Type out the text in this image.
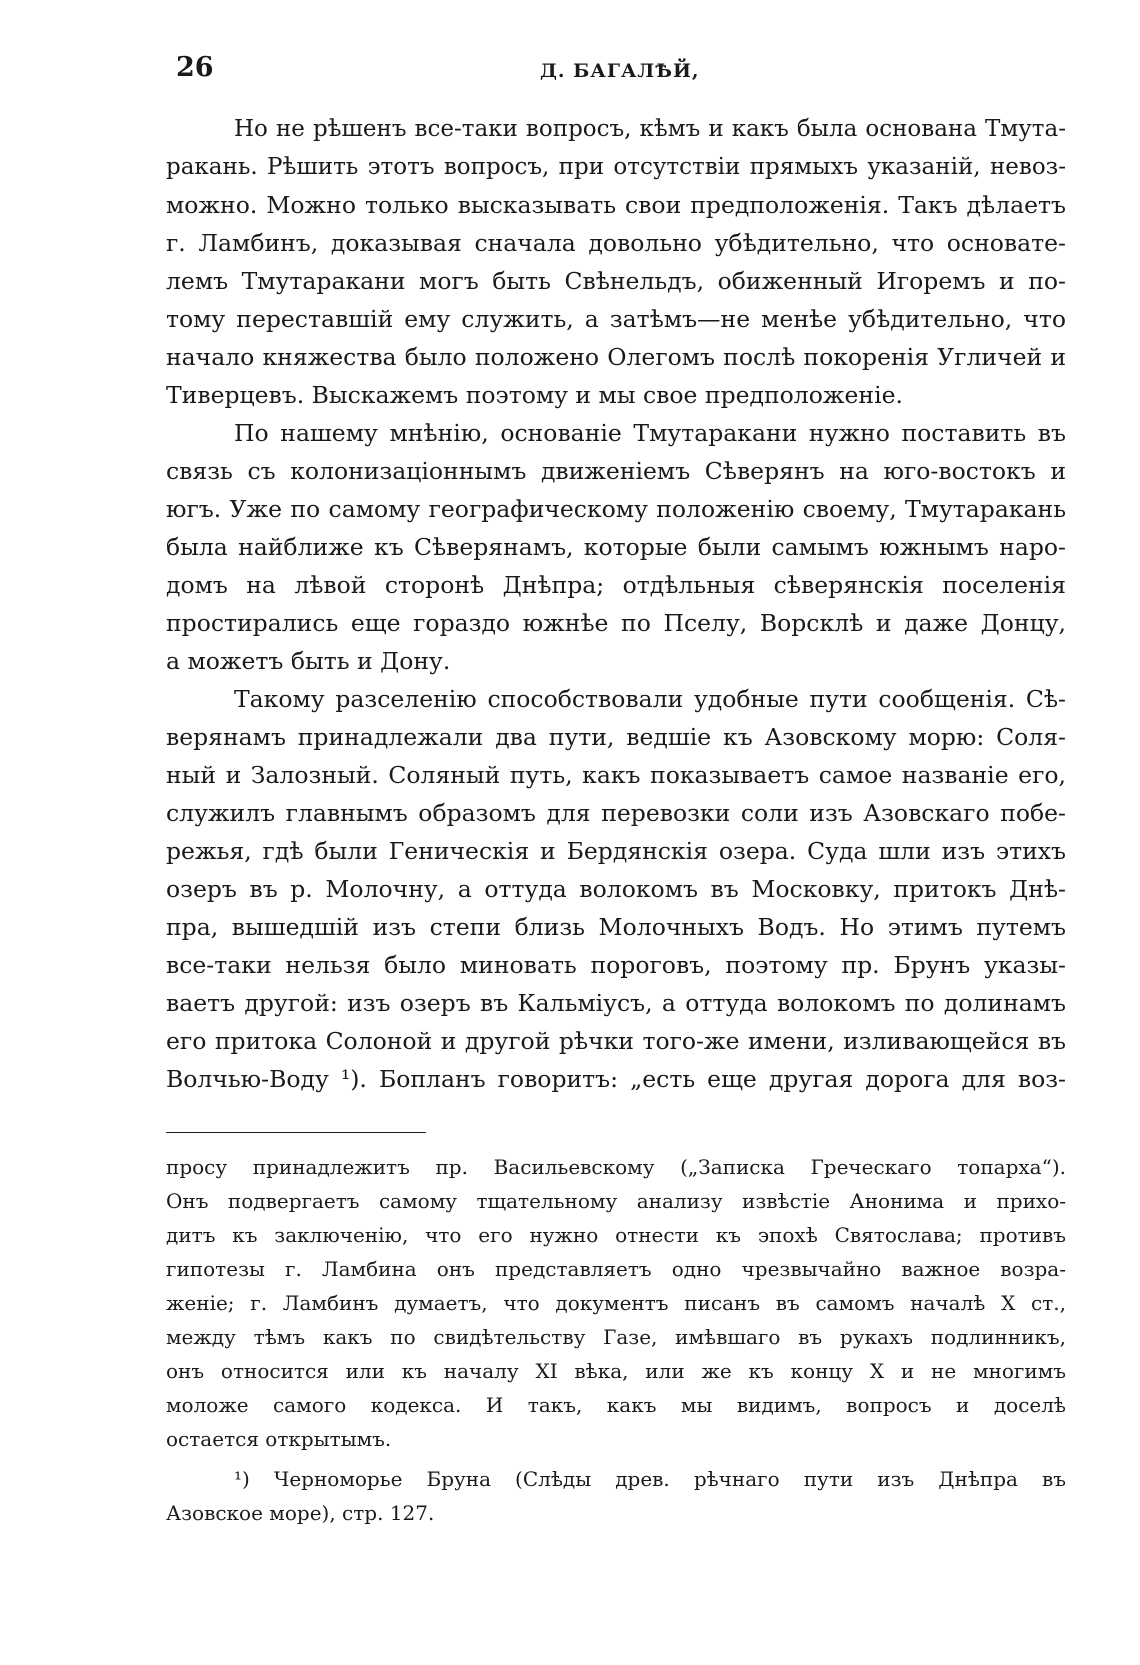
26	Д. БАГАЛѢЙ,
Но не рѣшенъ все-таки вопросъ, кѣмъ и какъ была основана Тмута-
ракань. Рѣшить этотъ вопросъ, при отсутствіи прямыхъ указаній, невоз-
можно. Можно только высказывать свои предположенія. Такъ дѣлаетъ
г. Ламбинъ, доказывая сначала довольно убѣдительно, что основате-
лемъ Тмутаракани могъ быть Свѣнельдъ, обиженный Игоремъ и по-
тому переставшій ему служить, а затѣмъ—не менѣе убѣдительно, что
начало княжества было положено Олегомъ послѣ покоренія Угличей и
Тиверцевъ. Выскажемъ поэтому и мы свое предположеніе.
По нашему мнѣнію, основаніе Тмутаракани нужно поставить въ
связь съ колонизаціоннымъ движеніемъ Сѣверянъ на юго-востокъ и
югъ. Уже по самому географическому положенію своему, Тмутаракань
была найближе къ Сѣверянамъ, которые были самымъ южнымъ наро-
домъ на лѣвой сторонѣ Днѣпра; отдѣльныя сѣверянскія поселенія
простирались еще гораздо южнѣе по Пселу, Ворсклѣ и даже Донцу,
а можетъ быть и Дону.
Такому разселенію способствовали удобные пути сообщенія. Сѣ-
верянамъ принадлежали два пути, ведшіе къ Азовскому морю: Соля-
ный и Залозный. Соляный путь, какъ показываетъ самое названіе его,
служилъ главнымъ образомъ для перевозки соли изъ Азовскаго побе-
режья, гдѣ были Геническія и Бердянскія озера. Суда шли изъ этихъ
озеръ въ р. Молочну, а оттуда волокомъ въ Московку, притокъ Днѣ-
пра, вышедшій изъ степи близь Молочныхъ Водъ. Но этимъ путемъ
все-таки нельзя было миновать пороговъ, поэтому пр. Брунъ указы-
ваетъ другой: изъ озеръ въ Кальміусъ, а оттуда волокомъ по долинамъ
его притока Солоной и другой рѣчки того-же имени, изливающейся въ
Волчью-Воду ¹). Бопланъ говоритъ: „есть еще другая дорога для воз-
просу принадлежитъ пр. Васильевскому („Записка Греческаго топарха“).
Онъ подвергаетъ самому тщательному анализу извѣстіе Анонима и прихо-
дитъ къ заключенію, что его нужно отнести къ эпохѣ Святослава; противъ
гипотезы г. Ламбина онъ представляетъ одно чрезвычайно важное возра-
женіе; г. Ламбинъ думаетъ, что документъ писанъ въ самомъ началѣ X ст.,
между тѣмъ какъ по свидѣтельству Газе, имѣвшаго въ рукахъ подлинникъ,
онъ относится или къ началу XI вѣка, или же къ концу X и не многимъ
моложе самого кодекса. И такъ, какъ мы видимъ, вопросъ и доселѣ
остается открытымъ.
¹) Черноморье Бруна (Слѣды древ. рѣчнаго пути изъ Днѣпра въ
Азовское море), стр. 127.
